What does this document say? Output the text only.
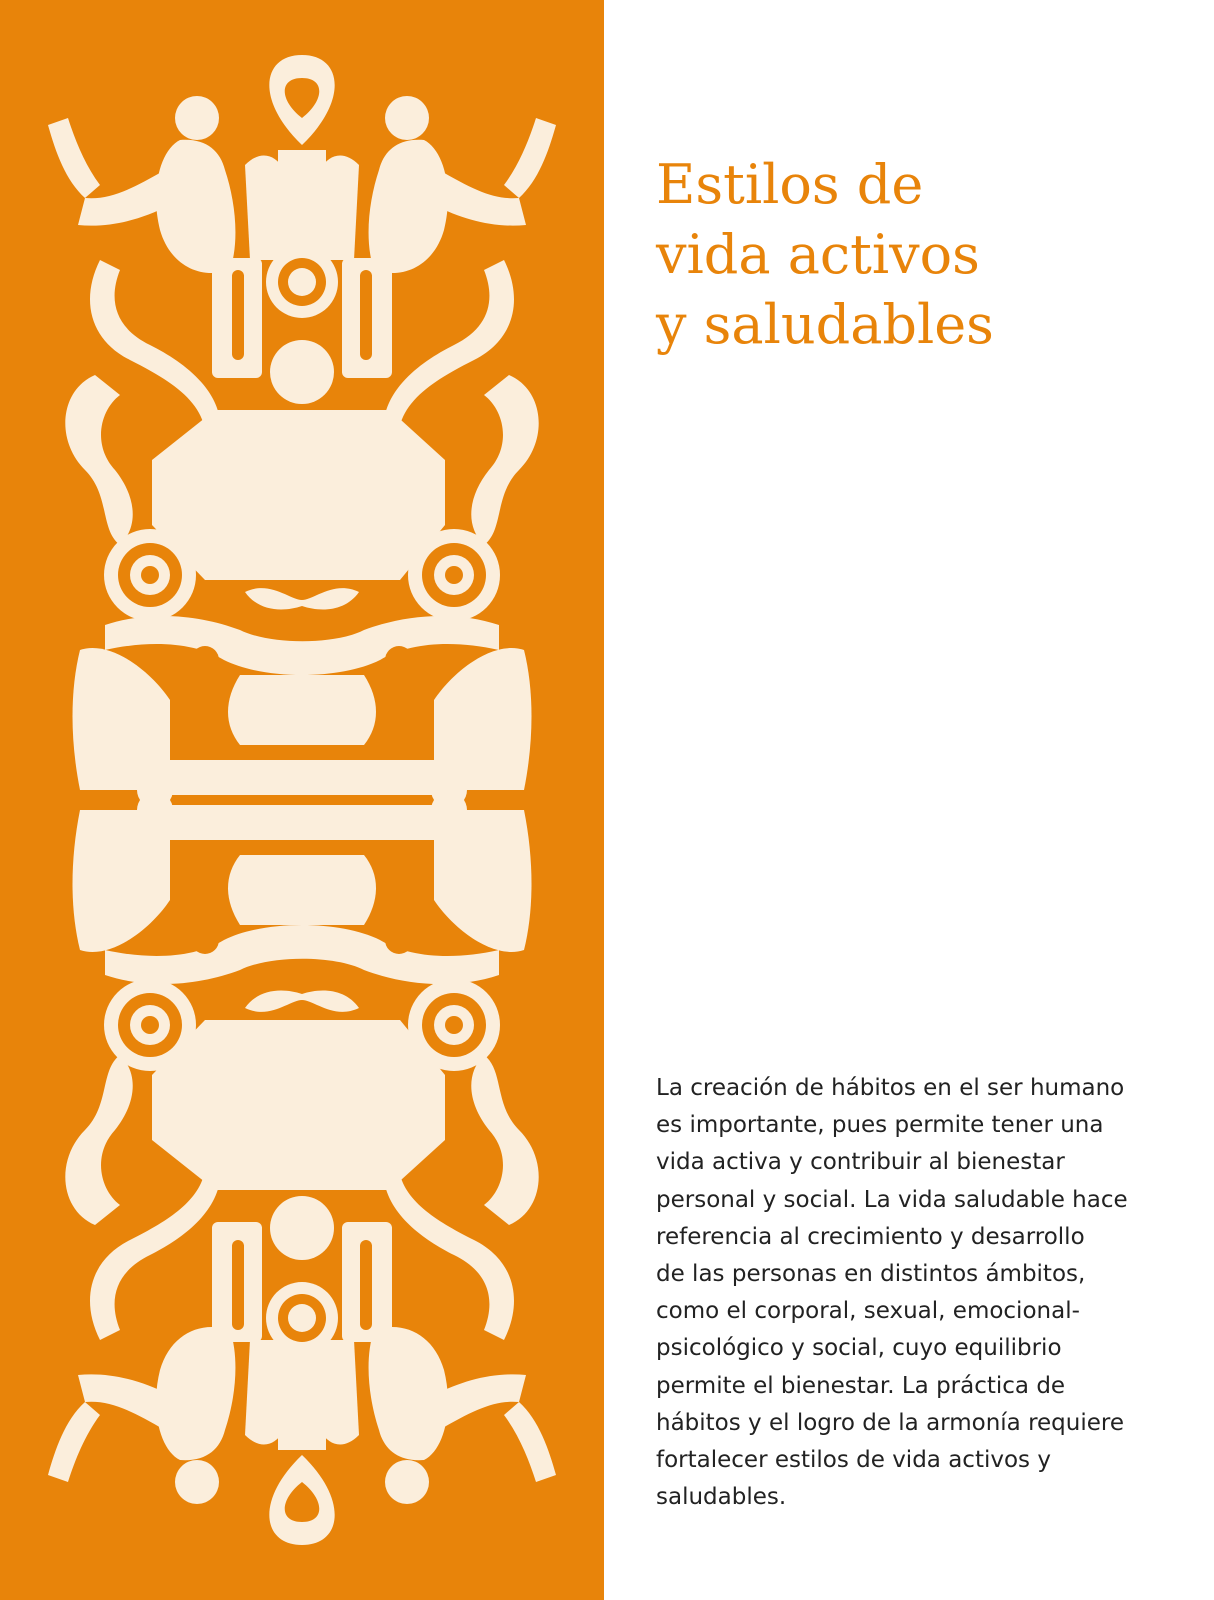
Estilos de
vida activos
y saludables

La creación de hábitos en el ser humano
es importante, pues permite tener una
vida activa y contribuir al bienestar
personal y social. La vida saludable hace
referencia al crecimiento y desarrollo
de las personas en distintos ámbitos,
como el corporal, sexual, emocional-
psicológico y social, cuyo equilibrio
permite el bienestar. La práctica de
hábitos y el logro de la armonía requiere
fortalecer estilos de vida activos y
saludables.
